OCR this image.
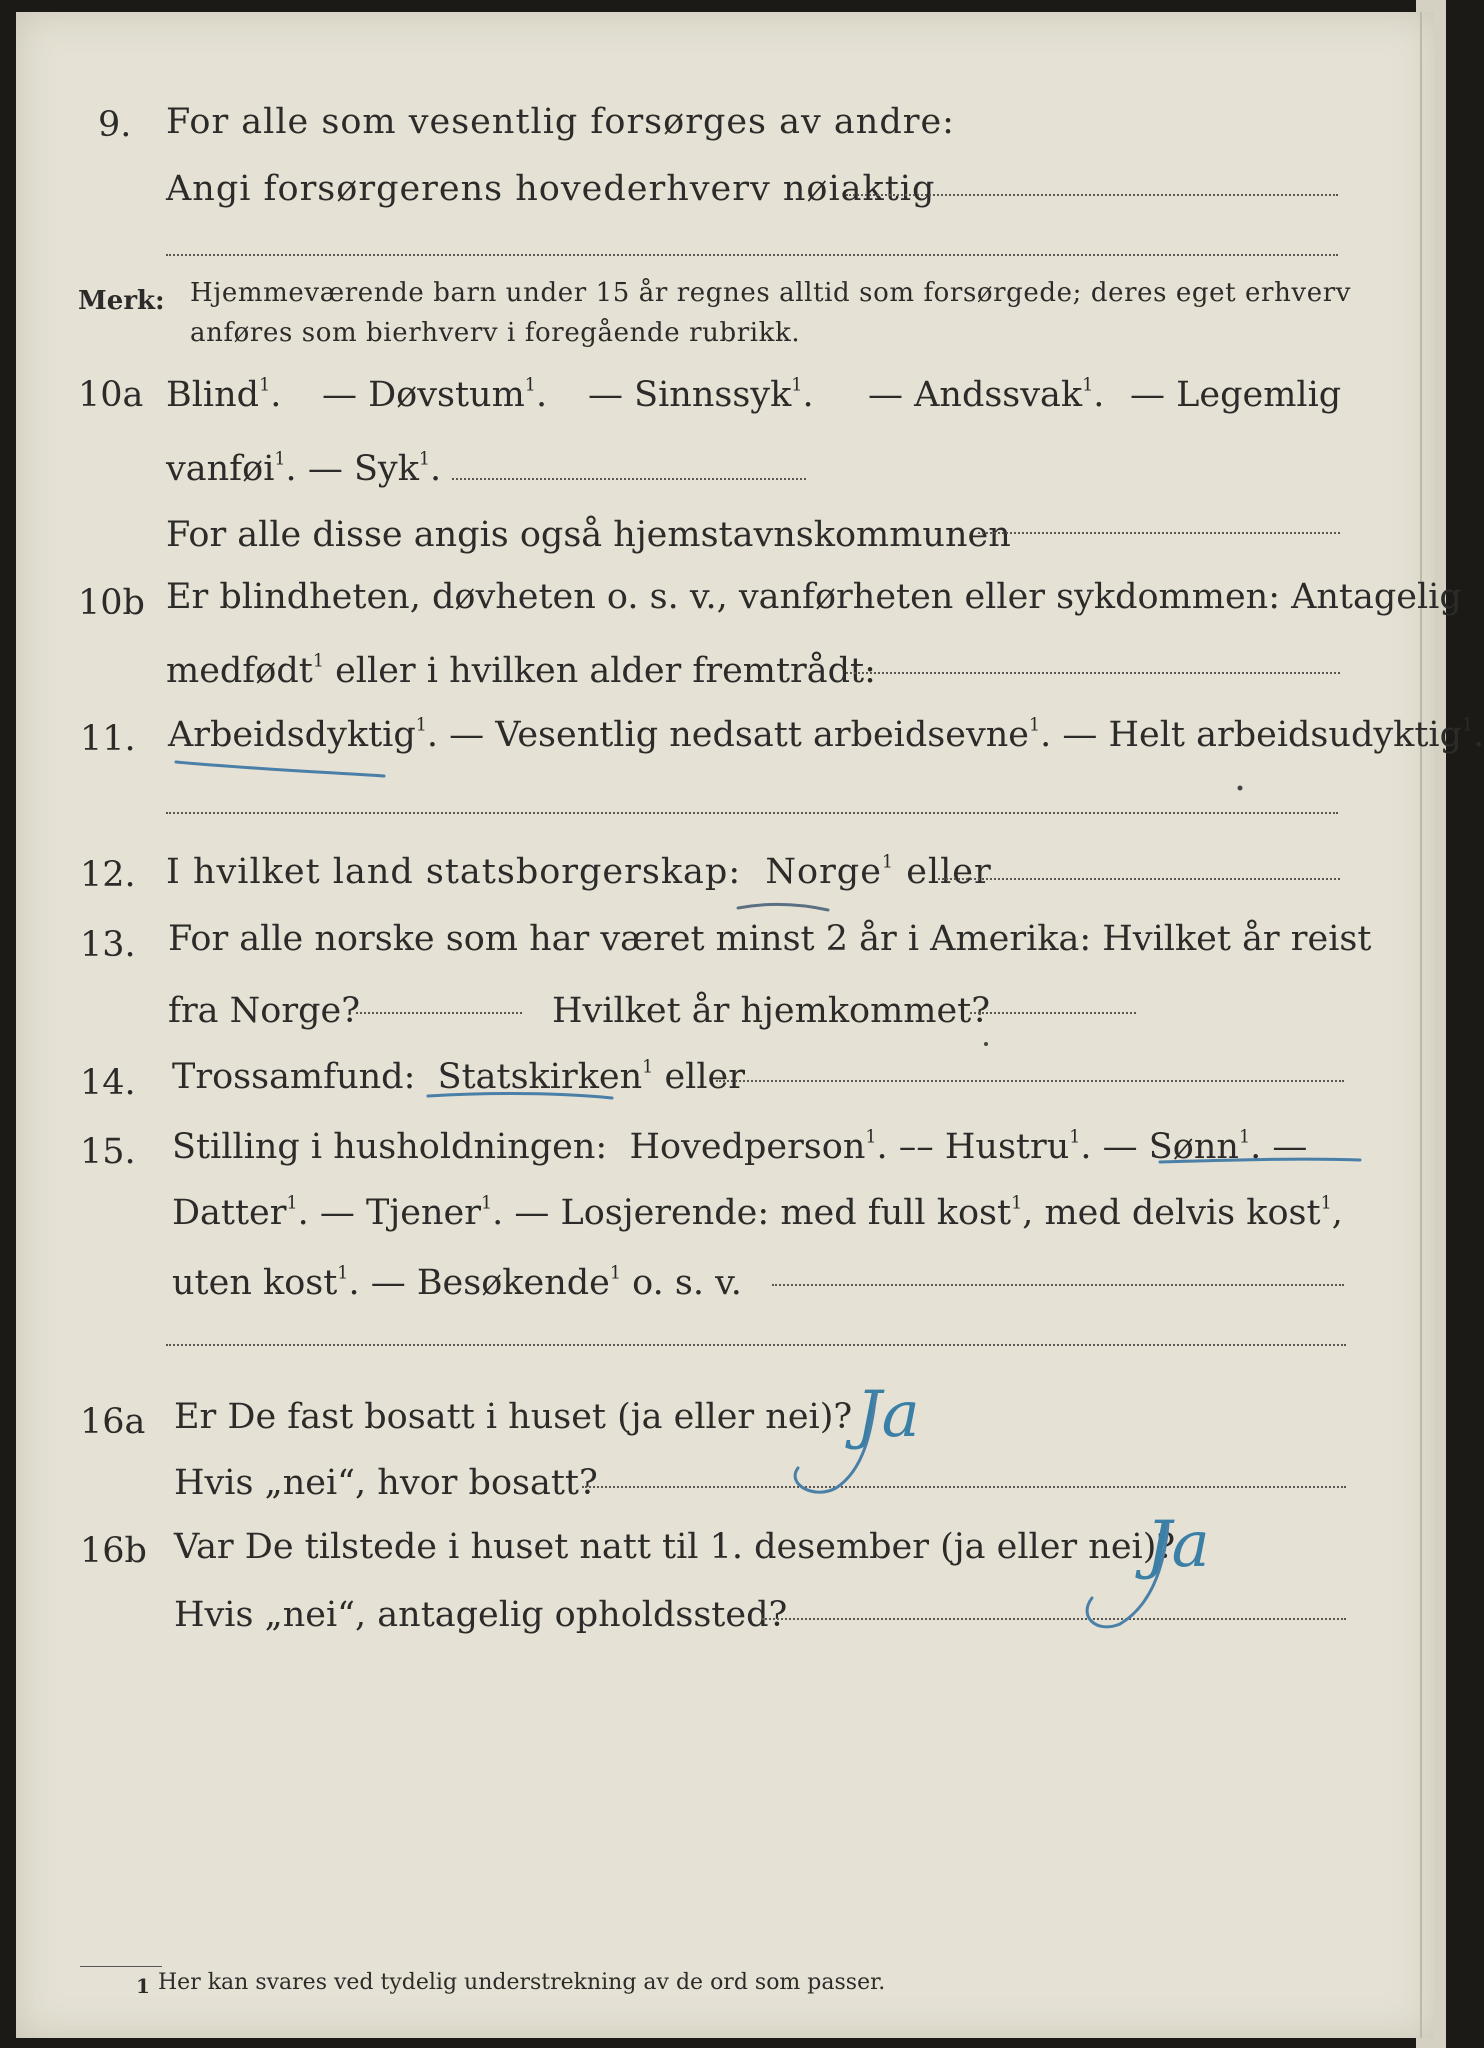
9. For alle som vesentlig forsørges av andre:
Angi forsørgerens hovederhverv nøiaktig
Merk: Hjemmeværende barn under 15 år regnes alltid som forsørgede; deres eget erhverv
anføres som bierhverv i foregående rubrikk.
10a Blind$^1$. — Døvstum$^1$. — Sinnssyk$^1$. — Andssvak$^1$. — Legemlig
vanføi$^1$. — Syk$^1$.
For alle disse angis også hjemstavnskommunen
10b Er blindheten, døvheten o. s. v., vanførheten eller sykdommen: Antagelig
medfødt$^1$ eller i hvilken alder fremtrådt:
11. Arbeidsdyktig$^1$. — Vesentlig nedsatt arbeidsevne$^1$. — Helt arbeidsudyktig$^1$.
12. I hvilket land statsborgerskap: Norge$^1$ eller
13. For alle norske som har været minst 2 år i Amerika: Hvilket år reist
fra Norge?	Hvilket år hjemkommet?
14. Trossamfund: Statskirken$^1$ eller
15. Stilling i husholdningen: Hovedperson$^1$. –– Hustru$^1$. — Sønn$^1$. —
Datter$^1$. — Tjener$^1$. — Losjerende: med full kost$^1$, med delvis kost$^1$,
uten kost$^1$. — Besøkende$^1$ o. s. v.
16a Er De fast bosatt i huset (ja eller nei)? Ja
Hvis „nei“, hvor bosatt?
16b Var De tilstede i huset natt til 1. desember (ja eller nei)?
Ja
Hvis „nei“, antagelig opholdssted?
1 Her kan svares ved tydelig understrekning av de ord som passer.
